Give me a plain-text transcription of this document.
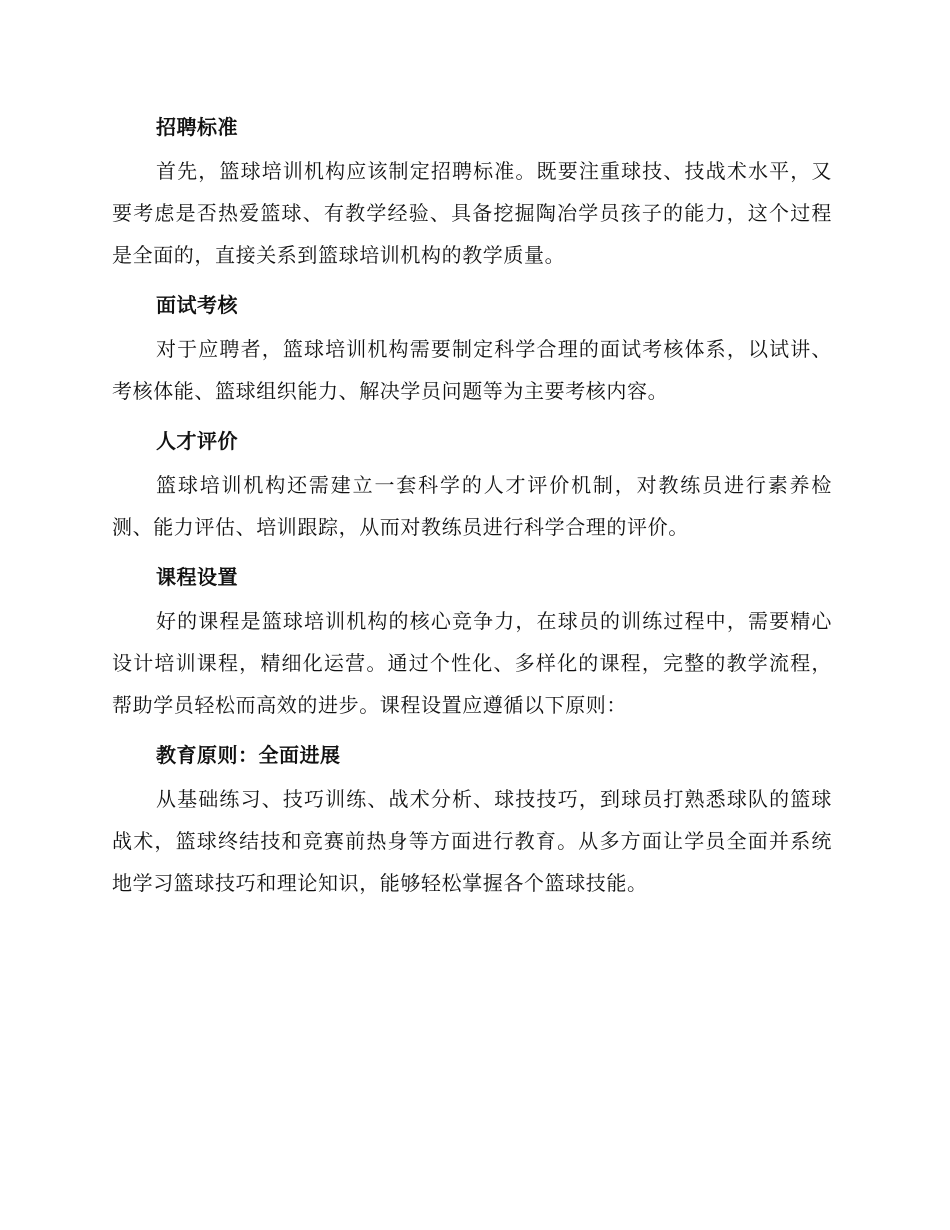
招聘标准

首先，篮球培训机构应该制定招聘标准。既要注重球技、技战术水平，又要考虑是否热爱篮球、有教学经验、具备挖掘陶冶学员孩子的能力，这个过程是全面的，直接关系到篮球培训机构的教学质量。

面试考核

对于应聘者，篮球培训机构需要制定科学合理的面试考核体系，以试讲、考核体能、篮球组织能力、解决学员问题等为主要考核内容。

人才评价

篮球培训机构还需建立一套科学的人才评价机制，对教练员进行素养检测、能力评估、培训跟踪，从而对教练员进行科学合理的评价。

课程设置

好的课程是篮球培训机构的核心竞争力，在球员的训练过程中，需要精心设计培训课程，精细化运营。通过个性化、多样化的课程，完整的教学流程，帮助学员轻松而高效的进步。课程设置应遵循以下原则：

教育原则：全面进展

从基础练习、技巧训练、战术分析、球技技巧，到球员打熟悉球队的篮球战术，篮球终结技和竞赛前热身等方面进行教育。从多方面让学员全面并系统地学习篮球技巧和理论知识，能够轻松掌握各个篮球技能。
